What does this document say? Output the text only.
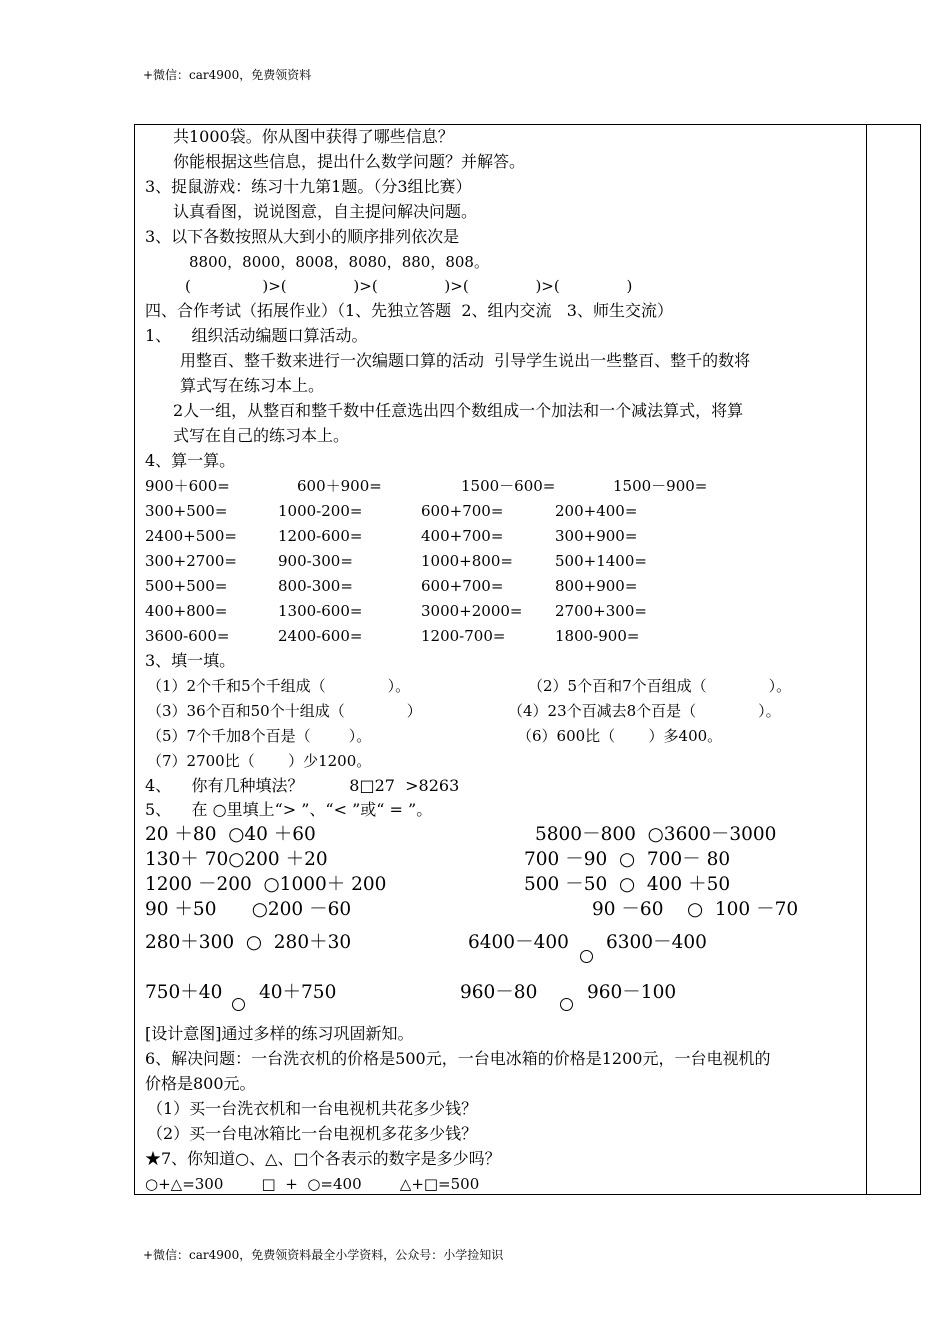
+微信：car4900，免费领资料
共1000袋。你从图中获得了哪些信息？
你能根据这些信息，提出什么数学问题？并解答。
3、捉鼠游戏：练习十九第1题。（分3组比赛）
认真看图，说说图意，自主提问解决问题。
3、以下各数按照从大到小的顺序排列依次是
8800，8000，8008，8080，880，808。
(               )>(              )>(              )>(              )>(              )
四、合作考试（拓展作业）（1、先独立答题  2、组内交流   3、师生交流）
1、    组织活动编题口算活动。
用整百、整千数来进行一次编题口算的活动  引导学生说出一些整百、整千的数将
算式写在练习本上。
2人一组，从整百和整千数中任意选出四个数组成一个加法和一个减法算式，将算
式写在自己的练习本上。
4、算一算。
900＋600=	600＋900=	1500－600=	1500－900=
300+500=	1000-200=	600+700=	200+400=
2400+500=	1200-600=	400+700=	300+900=
300+2700=	900-300=	1000+800=	500+1400=
500+500=	800-300=	600+700=	800+900=
400+800=	1300-600=	3000+2000= 2700+300=
3600-600=	2400-600=	1200-700=	1800-900=
3、填一填。
（1）2个千和5个千组成（             ）。	（2）5个百和7个百组成（             ）。
（3）36个百和50个十组成（             ）	（4）23个百减去8个百是（             ）。
（5）7个千加8个百是（        ）。	（6）600比（       ）多400。
（7）2700比（       ）少1200。
4、    你有几种填法？         8□27  >8263
5、    在 ○里填上“> ”、“< ”或“ = ”。
20 ＋80  ○40 ＋60	5800－800  ○3600－3000
130＋ 70○200 ＋20	700 －90  ○  700－ 80
1200 －200  ○1000＋ 200	500 －50  ○  400 ＋50
90 ＋50      ○200 －60	90 －60    ○  100 －70
280＋300  ○  280＋30	6400－400 6300－400
750＋40 40＋750	960－80	960－100
[设计意图]通过多样的练习巩固新知。
6、解决问题：一台洗衣机的价格是500元，一台电冰箱的价格是1200元，一台电视机的
价格是800元。
（1）买一台洗衣机和一台电视机共花多少钱？
（2）买一台电冰箱比一台电视机多花多少钱？
★7、你知道○、△、□个各表示的数字是多少吗？
○+△=300        □  +  ○=400        △+□=500
+微信：car4900，免费领资料最全小学资料，公众号：小学捡知识
